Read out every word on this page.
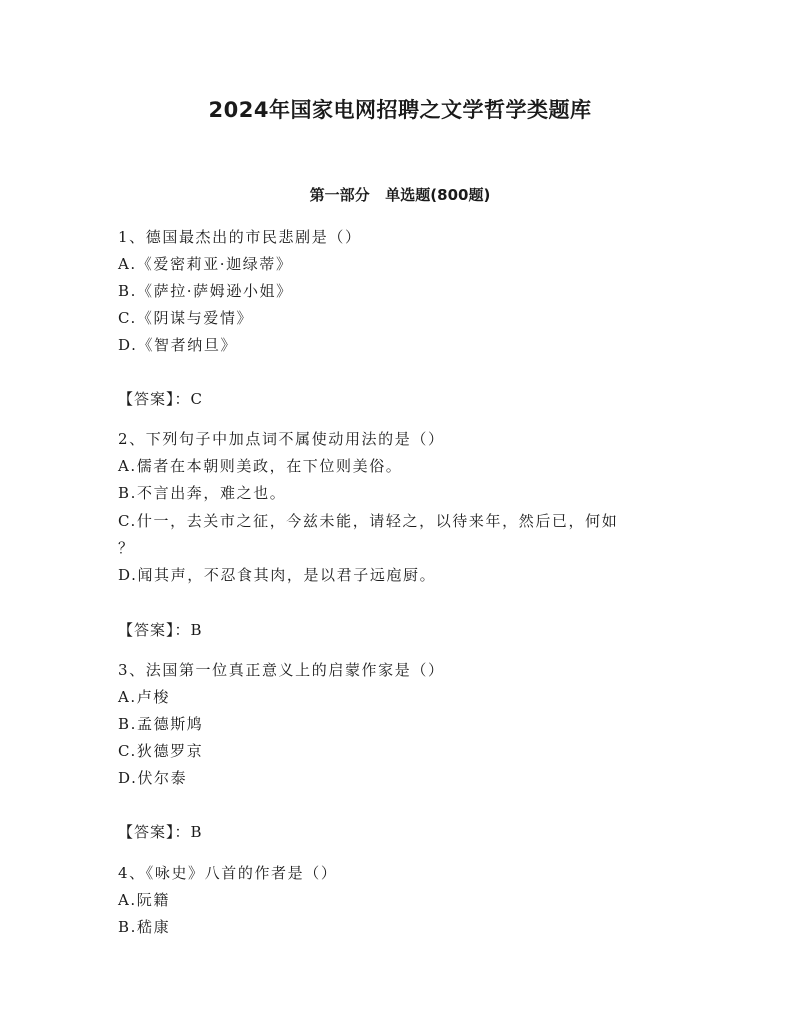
2024年国家电网招聘之文学哲学类题库
第一部分   单选题(800题)
1、德国最杰出的市民悲剧是（）
A.《爱密莉亚·迦绿蒂》
B.《萨拉·萨姆逊小姐》
C.《阴谋与爱情》
D.《智者纳旦》
【答案】：C
2、下列句子中加点词不属使动用法的是（）
A.儒者在本朝则美政，在下位则美俗。
B.不言出奔，难之也。
C.什一，去关市之征，今兹未能，请轻之，以待来年，然后已，何如
？
D.闻其声，不忍食其肉，是以君子远庖厨。
【答案】：B
3、法国第一位真正意义上的启蒙作家是（）
A.卢梭
B.孟德斯鸠
C.狄德罗京
D.伏尔泰
【答案】：B
4、《咏史》八首的作者是（）
A.阮籍
B.嵇康
